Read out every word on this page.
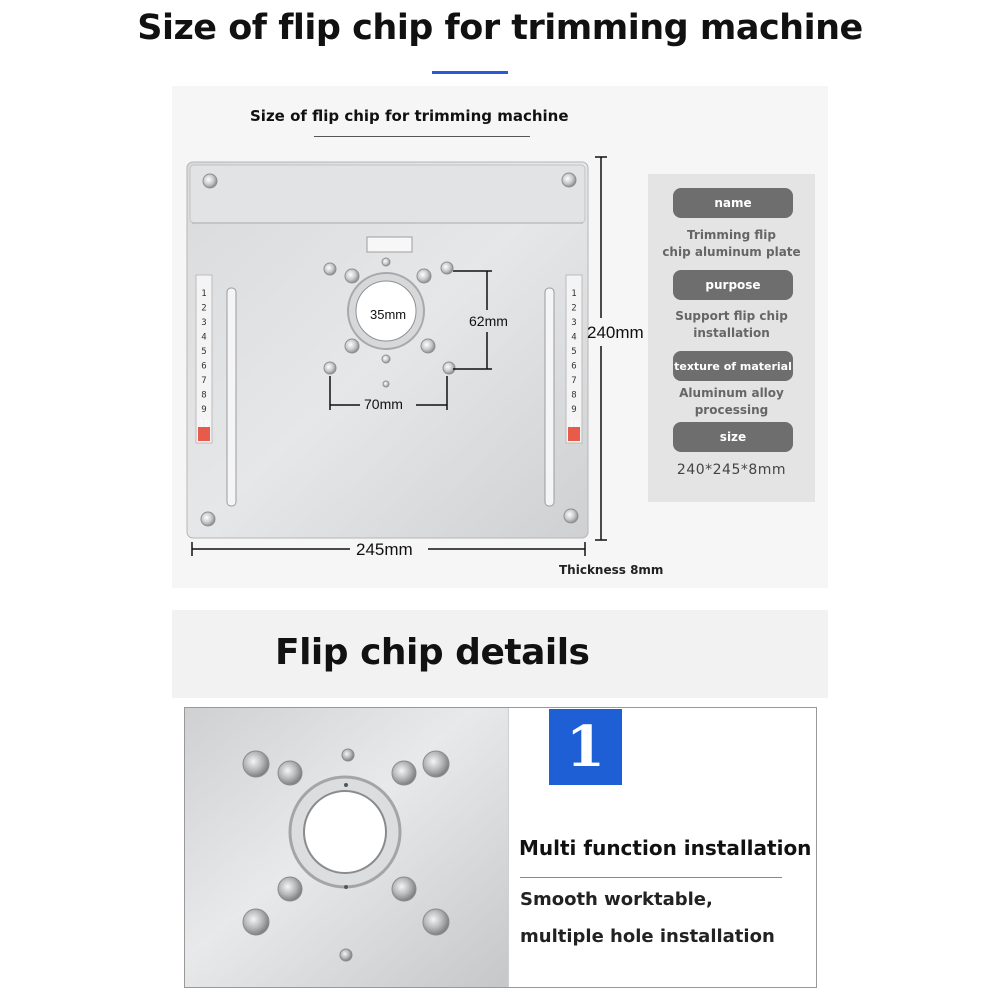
Size of flip chip for trimming machine
Size of flip chip for trimming machine
1
2
3
4
5
6
7
8
9
10
1
2
3
4
5
6
7
8
9
10
35mm	62mm
70mm
240mm
245mm
Thickness 8mm
name
Trimming flip
chip aluminum plate
purpose
Support flip chip
installation
texture of material
Aluminum alloy
processing
size
240*245*8mm
Flip chip details
1
Multi function installation
Smooth worktable,
multiple hole installation
